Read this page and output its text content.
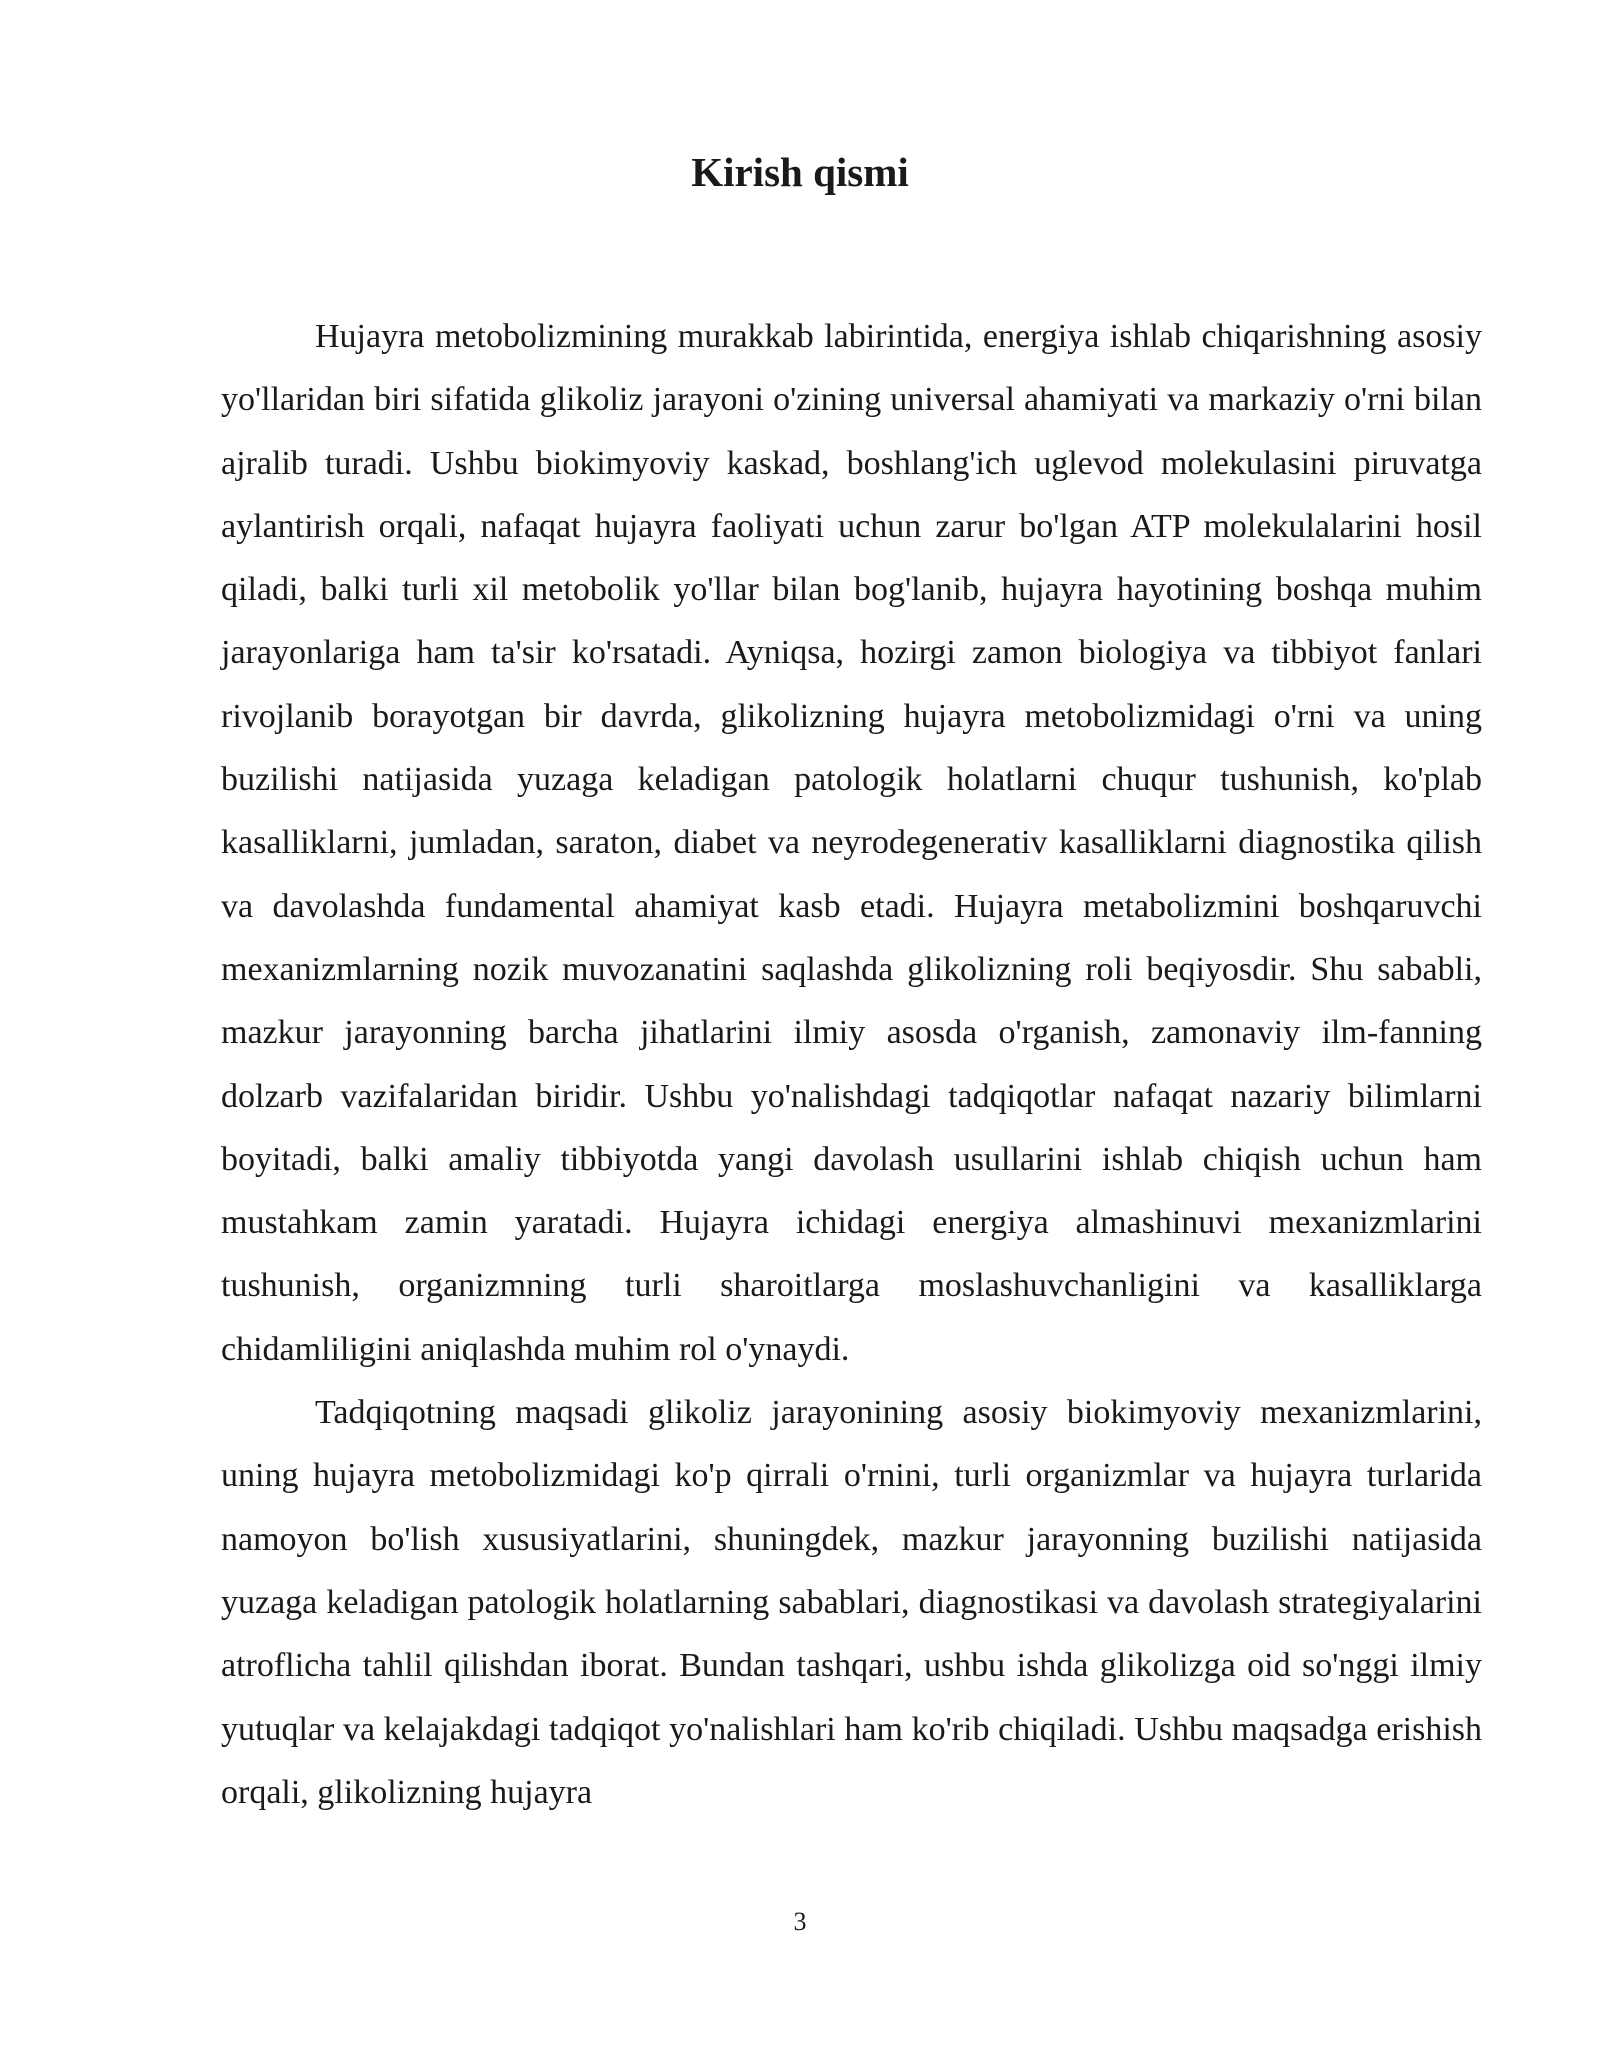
Kirish qismi

Hujayra metobolizmining murakkab labirintida, energiya ishlab chiqarishning asosiy yo'llaridan biri sifatida glikoliz jarayoni o'zining universal ahamiyati va markaziy o'rni bilan ajralib turadi. Ushbu biokimyoviy kaskad, boshlang'ich uglevod molekulasini piruvatga aylantirish orqali, nafaqat hujayra faoliyati uchun zarur bo'lgan ATP molekulalarini hosil qiladi, balki turli xil metobolik yo'llar bilan bog'lanib, hujayra hayotining boshqa muhim jarayonlariga ham ta'sir ko'rsatadi. Ayniqsa, hozirgi zamon biologiya va tibbiyot fanlari rivojlanib borayotgan bir davrda, glikolizning hujayra metobolizmidagi o'rni va uning buzilishi natijasida yuzaga keladigan patologik holatlarni chuqur tushunish, ko'plab kasalliklarni, jumladan, saraton, diabet va neyrodegenerativ kasalliklarni diagnostika qilish va davolashda fundamental ahamiyat kasb etadi. Hujayra metabolizmini boshqaruvchi mexanizmlarning nozik muvozanatini saqlashda glikolizning roli beqiyosdir. Shu sababli, mazkur jarayonning barcha jihatlarini ilmiy asosda o'rganish, zamonaviy ilm-fanning dolzarb vazifalaridan biridir. Ushbu yo'nalishdagi tadqiqotlar nafaqat nazariy bilimlarni boyitadi, balki amaliy tibbiyotda yangi davolash usullarini ishlab chiqish uchun ham mustahkam zamin yaratadi. Hujayra ichidagi energiya almashinuvi mexanizmlarini tushunish, organizmning turli sharoitlarga moslashuvchanligini va kasalliklarga chidamliligini aniqlashda muhim rol o'ynaydi.

Tadqiqotning maqsadi glikoliz jarayonining asosiy biokimyoviy mexanizmlarini, uning hujayra metobolizmidagi ko'p qirrali o'rnini, turli organizmlar va hujayra turlarida namoyon bo'lish xususiyatlarini, shuningdek, mazkur jarayonning buzilishi natijasida yuzaga keladigan patologik holatlarning sabablari, diagnostikasi va davolash strategiyalarini atroflicha tahlil qilishdan iborat. Bundan tashqari, ushbu ishda glikolizga oid so'nggi ilmiy yutuqlar va kelajakdagi tadqiqot yo'nalishlari ham ko'rib chiqiladi. Ushbu maqsadga erishish orqali, glikolizning hujayra

3
